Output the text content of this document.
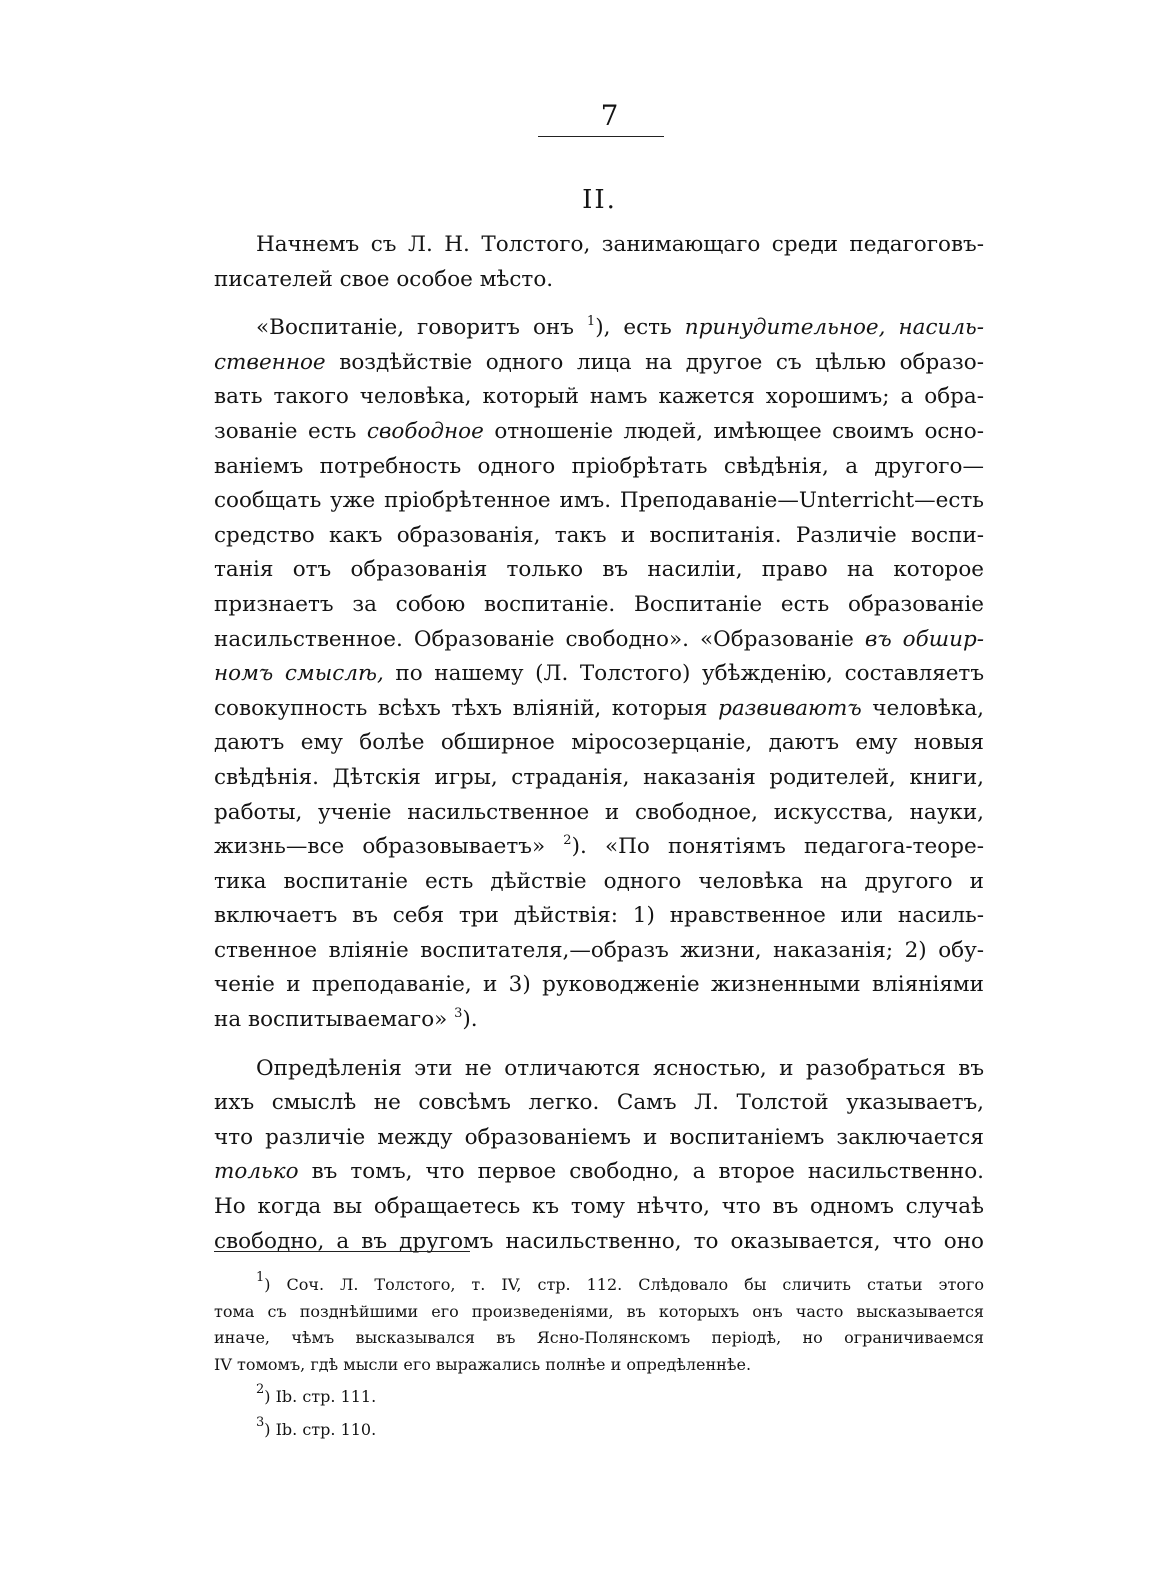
7
II.
Начнемъ съ Л. Н. Толстого, занимающаго среди педагоговъ-
писателей свое особое мѣсто.
«Воспитаніе, говоритъ онъ $^1$), есть принудительное, насиль-
ственное воздѣйствіе одного лица на другое съ цѣлью образо-
вать такого человѣка, который намъ кажется хорошимъ; а обра-
зованіе есть свободное отношеніе людей, имѣющее своимъ осно-
ваніемъ потребность одного пріобрѣтать свѣдѣнія, а другого—
сообщать уже пріобрѣтенное имъ. Преподаваніе—Unterricht—есть
средство какъ образованія, такъ и воспитанія. Различіе воспи-
танія отъ образованія только въ насиліи, право на которое
признаетъ за собою воспитаніе. Воспитаніе есть образованіе
насильственное. Образованіе свободно». «Образованіе въ обшир-
номъ смыслѣ, по нашему (Л. Толстого) убѣжденію, составляетъ
совокупность всѣхъ тѣхъ вліяній, которыя развиваютъ человѣка,
даютъ ему болѣе обширное міросозерцаніе, даютъ ему новыя
свѣдѣнія. Дѣтскія игры, страданія, наказанія родителей, книги,
работы, ученіе насильственное и свободное, искусства, науки,
жизнь—все образовываетъ» $^2$). «По понятіямъ педагога-теоре-
тика воспитаніе есть дѣйствіе одного человѣка на другого и
включаетъ въ себя три дѣйствія: 1) нравственное или насиль-
ственное вліяніе воспитателя,—образъ жизни, наказанія; 2) обу-
ченіе и преподаваніе, и 3) руководженіе жизненными вліяніями
на воспитываемаго» $^3$).
Опредѣленія эти не отличаются ясностью, и разобраться въ
ихъ смыслѣ не совсѣмъ легко. Самъ Л. Толстой указываетъ,
что различіе между образованіемъ и воспитаніемъ заключается
только въ томъ, что первое свободно, а второе насильственно.
Но когда вы обращаетесь къ тому нѣчто, что въ одномъ случаѣ
свободно, а въ другомъ насильственно, то оказывается, что оно
$^1$) Соч. Л. Толстого, т. IV, стр. 112. Слѣдовало бы сличить статьи этого
тома съ позднѣйшими его произведеніями, въ которыхъ онъ часто высказывается
иначе, чѣмъ высказывался въ Ясно-Полянскомъ періодѣ, но ограничиваемся
IV томомъ, гдѣ мысли его выражались полнѣе и опредѣленнѣе.
$^2$) Ib. стр. 111.
$^3$) Ib. стр. 110.
